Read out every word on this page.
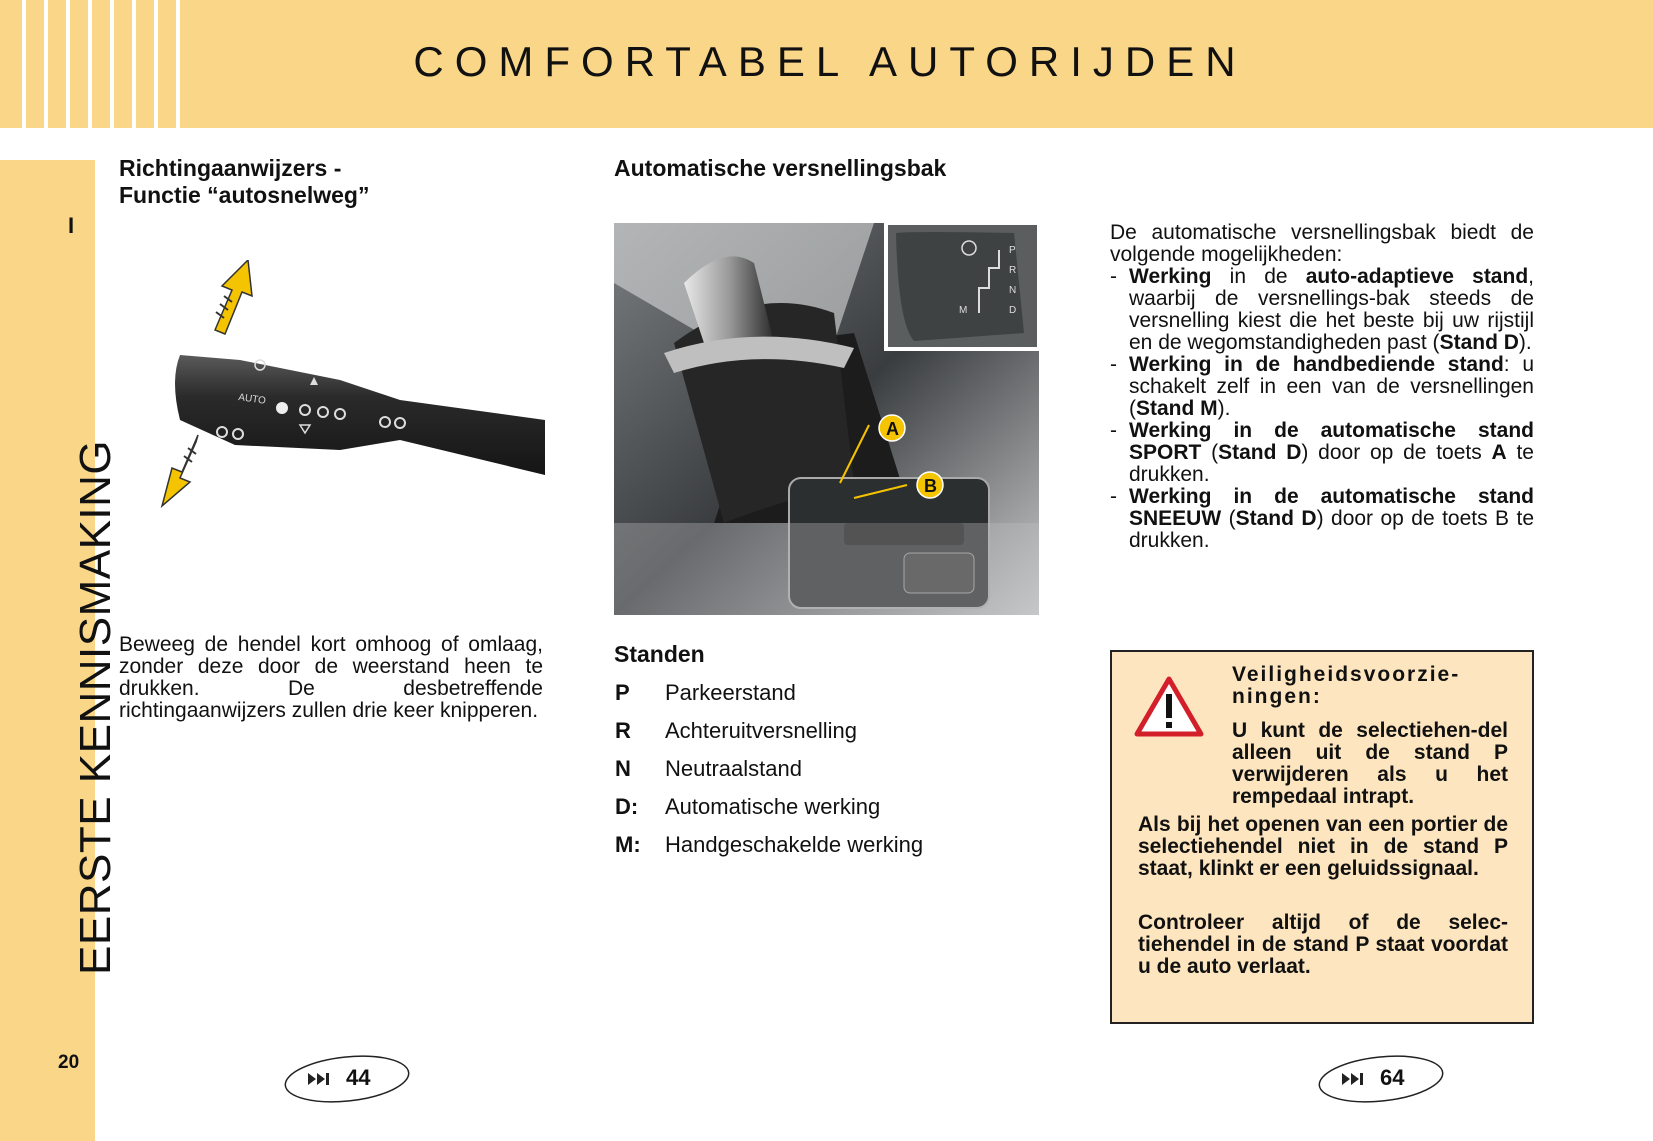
COMFORTABEL AUTORIJDEN
EERSTE KENNISMAKING
I
20
Richtingaanwijzers -
Functie “autosnelweg”
AUTO
Beweeg de hendel kort omhoog of omlaag, zonder deze door de weerstand heen te drukken. De desbetreffende richtingaanwijzers zullen drie keer knipperen.
44
Automatische versnellingsbak
P
R
N
D
M
A
B
Standen
P	Parkeerstand
R	Achteruitversnelling
N	Neutraalstand
D:	Automatische werking
M:	Handgeschakelde werking
De automatische versnellingsbak biedt de volgende mogelijkheden:
- Werking in de auto-adaptieve stand, waarbij de versnellings-bak steeds de versnelling kiest die het beste bij uw rijstijl en de wegomstandigheden past (Stand D).
- Werking in de handbediende stand: u schakelt zelf in een van de versnellingen (Stand M).
- Werking in de automatische stand SPORT (Stand D) door op de toets A te drukken.
- Werking in de automatische stand SNEEUW (Stand D) door op de toets B te drukken.
Veiligheidsvoorzie-ningen:
U kunt de selectiehen-del alleen uit de stand P verwijderen als u het rempedaal intrapt.
Als bij het openen van een portier de selectiehendel niet in de stand P staat, klinkt er een geluidssignaal.
Controleer altijd of de selec-tiehendel in de stand P staat voordat u de auto verlaat.
64
